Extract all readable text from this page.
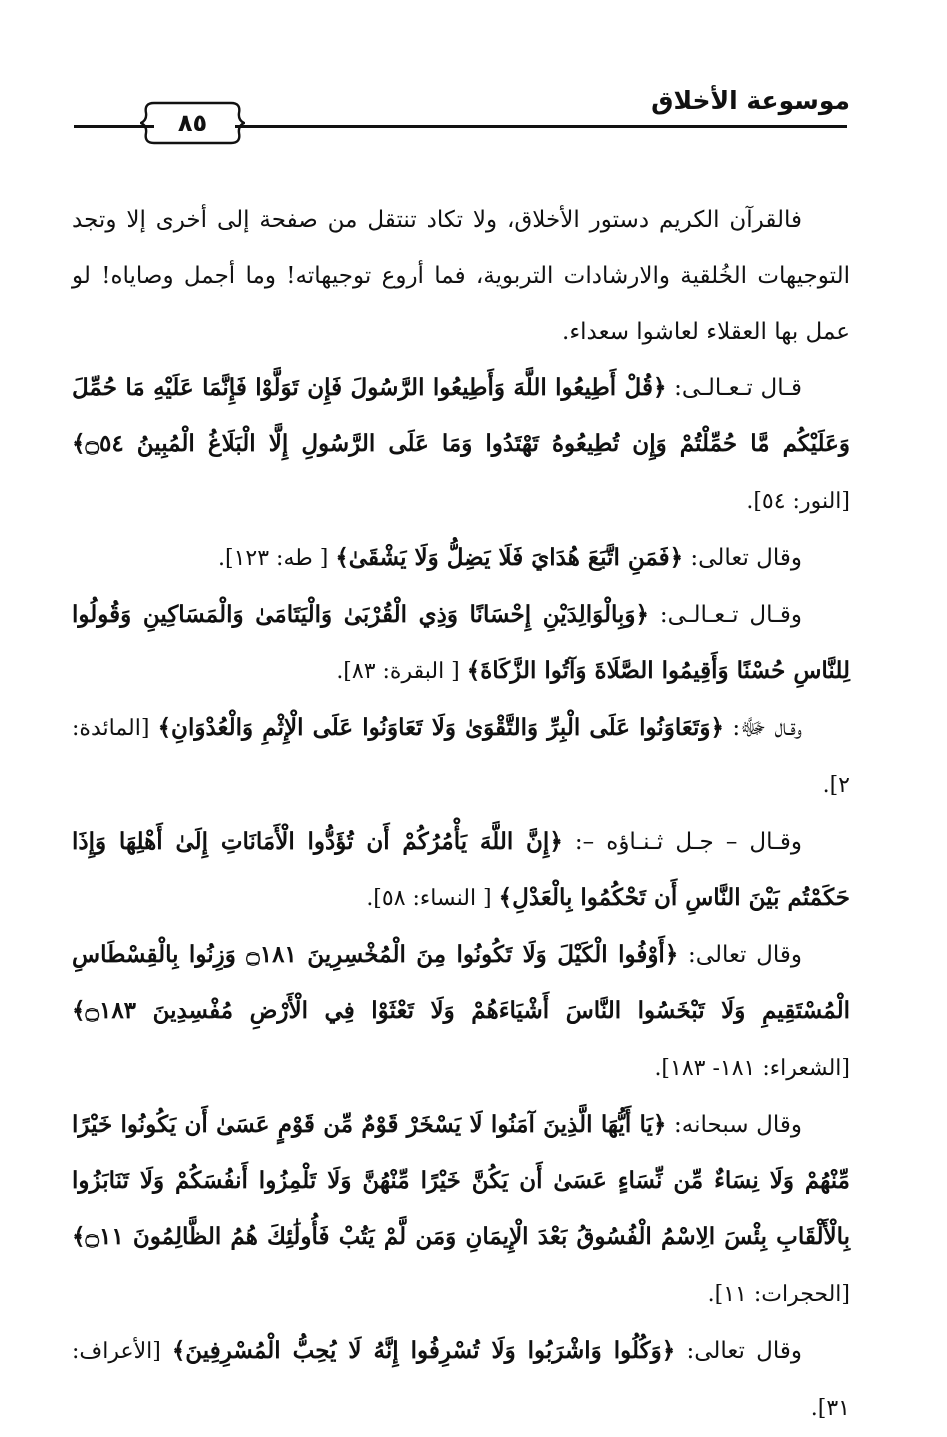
موسوعة الأخلاق
٨٥

فالقرآن الكريم دستور الأخلاق، ولا تكاد تنتقل من صفحة إلى أخرى إلا وتجد التوجيهات الخُلقية والارشادات التربوية، فما أروع توجيهاته! وما أجمل وصاياه! لو عمل بها العقلاء لعاشوا سعداء.

قـال تـعـالـى: ﴿قُلْ أَطِيعُوا اللَّهَ وَأَطِيعُوا الرَّسُولَ فَإِن تَوَلَّوْا فَإِنَّمَا عَلَيْهِ مَا حُمِّلَ وَعَلَيْكُم مَّا حُمِّلْتُمْ وَإِن تُطِيعُوهُ تَهْتَدُوا وَمَا عَلَى الرَّسُولِ إِلَّا الْبَلَاغُ الْمُبِينُ ۝٥٤﴾ [النور: ٥٤].

وقال تعالى: ﴿فَمَنِ اتَّبَعَ هُدَايَ فَلَا يَضِلُّ وَلَا يَشْقَىٰ﴾ [ طه: ١٢٣].

وقـال تـعـالـى: ﴿وَبِالْوَالِدَيْنِ إِحْسَانًا وَذِي الْقُرْبَىٰ وَالْيَتَامَىٰ وَالْمَسَاكِينِ وَقُولُوا لِلنَّاسِ حُسْنًا وَأَقِيمُوا الصَّلَاةَ وَآتُوا الزَّكَاةَ﴾ [ البقرة: ٨٣].

وقـال ﷻ: ﴿وَتَعَاوَنُوا عَلَى الْبِرِّ وَالتَّقْوَىٰ وَلَا تَعَاوَنُوا عَلَى الْإِثْمِ وَالْعُدْوَانِ﴾ [المائدة: ٢].

وقـال – جـل ثـنـاؤه –: ﴿إِنَّ اللَّهَ يَأْمُرُكُمْ أَن تُؤَدُّوا الْأَمَانَاتِ إِلَىٰ أَهْلِهَا وَإِذَا حَكَمْتُم بَيْنَ النَّاسِ أَن تَحْكُمُوا بِالْعَدْلِ﴾ [ النساء: ٥٨].

وقال تعالى: ﴿أَوْفُوا الْكَيْلَ وَلَا تَكُونُوا مِنَ الْمُخْسِرِينَ ۝١٨١ وَزِنُوا بِالْقِسْطَاسِ الْمُسْتَقِيمِ وَلَا تَبْخَسُوا النَّاسَ أَشْيَاءَهُمْ وَلَا تَعْثَوْا فِي الْأَرْضِ مُفْسِدِينَ ۝١٨٣﴾ [الشعراء: ١٨١- ١٨٣].

وقال سبحانه: ﴿يَا أَيُّهَا الَّذِينَ آمَنُوا لَا يَسْخَرْ قَوْمٌ مِّن قَوْمٍ عَسَىٰ أَن يَكُونُوا خَيْرًا مِّنْهُمْ وَلَا نِسَاءٌ مِّن نِّسَاءٍ عَسَىٰ أَن يَكُنَّ خَيْرًا مِّنْهُنَّ وَلَا تَلْمِزُوا أَنفُسَكُمْ وَلَا تَنَابَزُوا بِالْأَلْقَابِ بِئْسَ الِاسْمُ الْفُسُوقُ بَعْدَ الْإِيمَانِ وَمَن لَّمْ يَتُبْ فَأُولَٰئِكَ هُمُ الظَّالِمُونَ ۝١١﴾ [الحجرات: ١١].

وقال تعالى: ﴿وَكُلُوا وَاشْرَبُوا وَلَا تُسْرِفُوا إِنَّهُ لَا يُحِبُّ الْمُسْرِفِينَ﴾ [الأعراف: ٣١].
